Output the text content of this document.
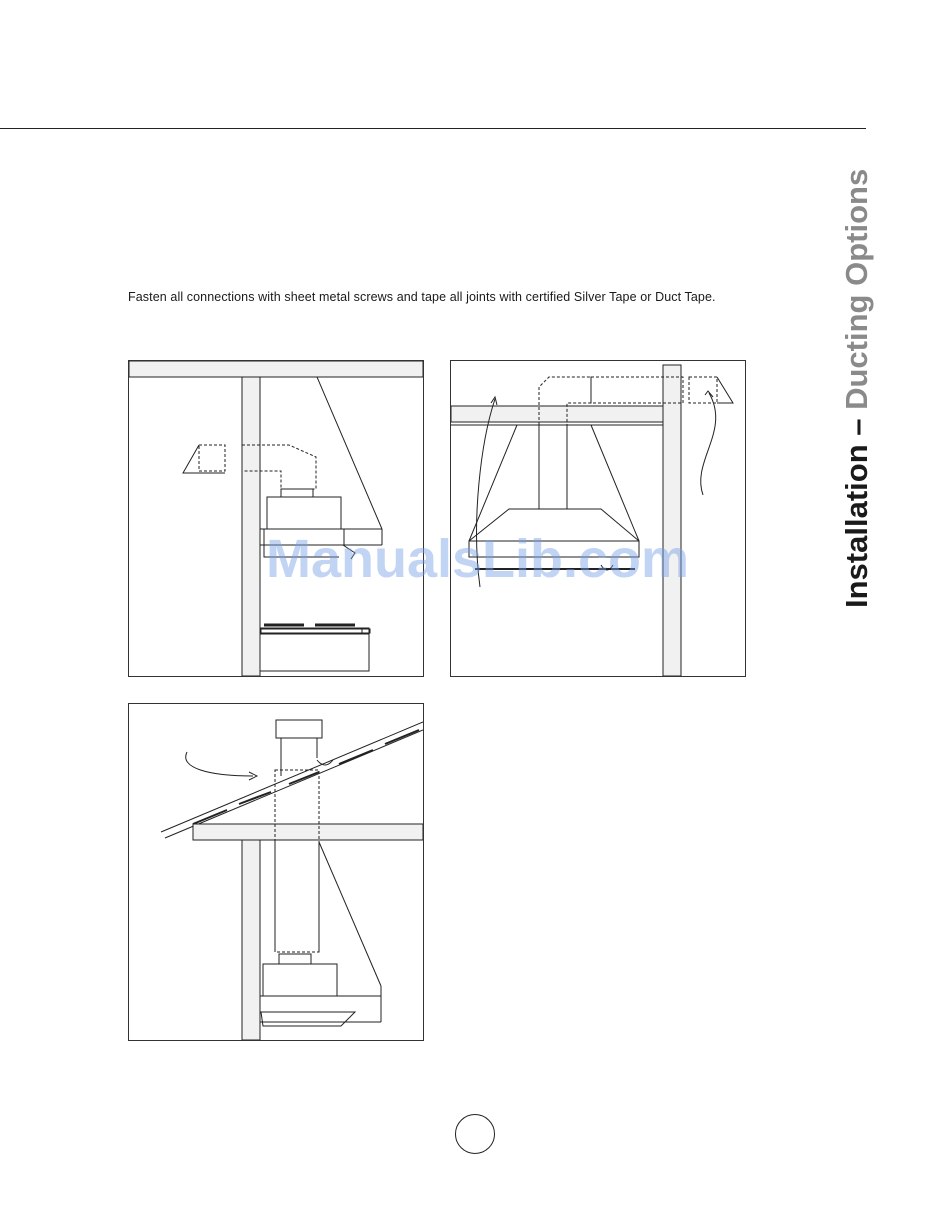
Installation – Ducting Options
Fasten all connections with sheet metal screws and tape all joints with certified Silver Tape or Duct Tape.
ManualsLib.com
